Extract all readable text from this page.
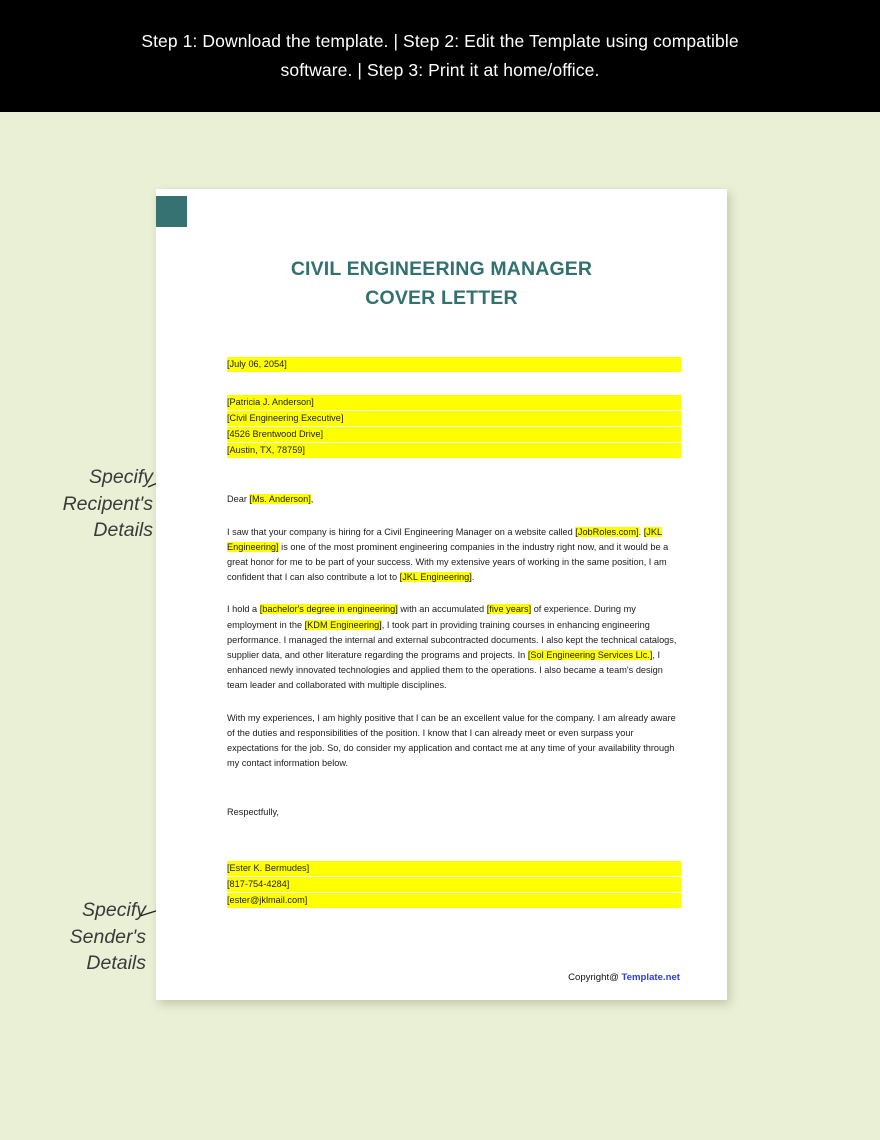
Step 1: Download the template. | Step 2: Edit the Template using compatible software. | Step 3: Print it at home/office.
Specify Recipent's Details
Specify Sender's Details
CIVIL ENGINEERING MANAGER
COVER LETTER
[July 06, 2054]
[Patricia J. Anderson]
[Civil Engineering Executive]
[4526 Brentwood Drive]
[Austin, TX, 78759]

Dear [Ms. Anderson],

I saw that your company is hiring for a Civil Engineering Manager on a website called [JobRoles.com]. [JKL Engineering] is one of the most prominent engineering companies in the industry right now, and it would be a great honor for me to be part of your success. With my extensive years of working in the same position, I am confident that I can also contribute a lot to [JKL Engineering].

I hold a [bachelor's degree in engineering] with an accumulated [five years] of experience. During my employment in the [KDM Engineering], I took part in providing training courses in enhancing engineering performance. I managed the internal and external subcontracted documents. I also kept the technical catalogs, supplier data, and other literature regarding the programs and projects. In [Sol Engineering Services Llc.], I enhanced newly innovated technologies and applied them to the operations. I also became a team's design team leader and collaborated with multiple disciplines.

With my experiences, I am highly positive that I can be an excellent value for the company. I am already aware of the duties and responsibilities of the position. I know that I can already meet or even surpass your expectations for the job. So, do consider my application and contact me at any time of your availability through my contact information below.

Respectfully,

[Ester K. Bermudes]
[817-754-4284]
[ester@jklmail.com]
Copyright@ Template.net
